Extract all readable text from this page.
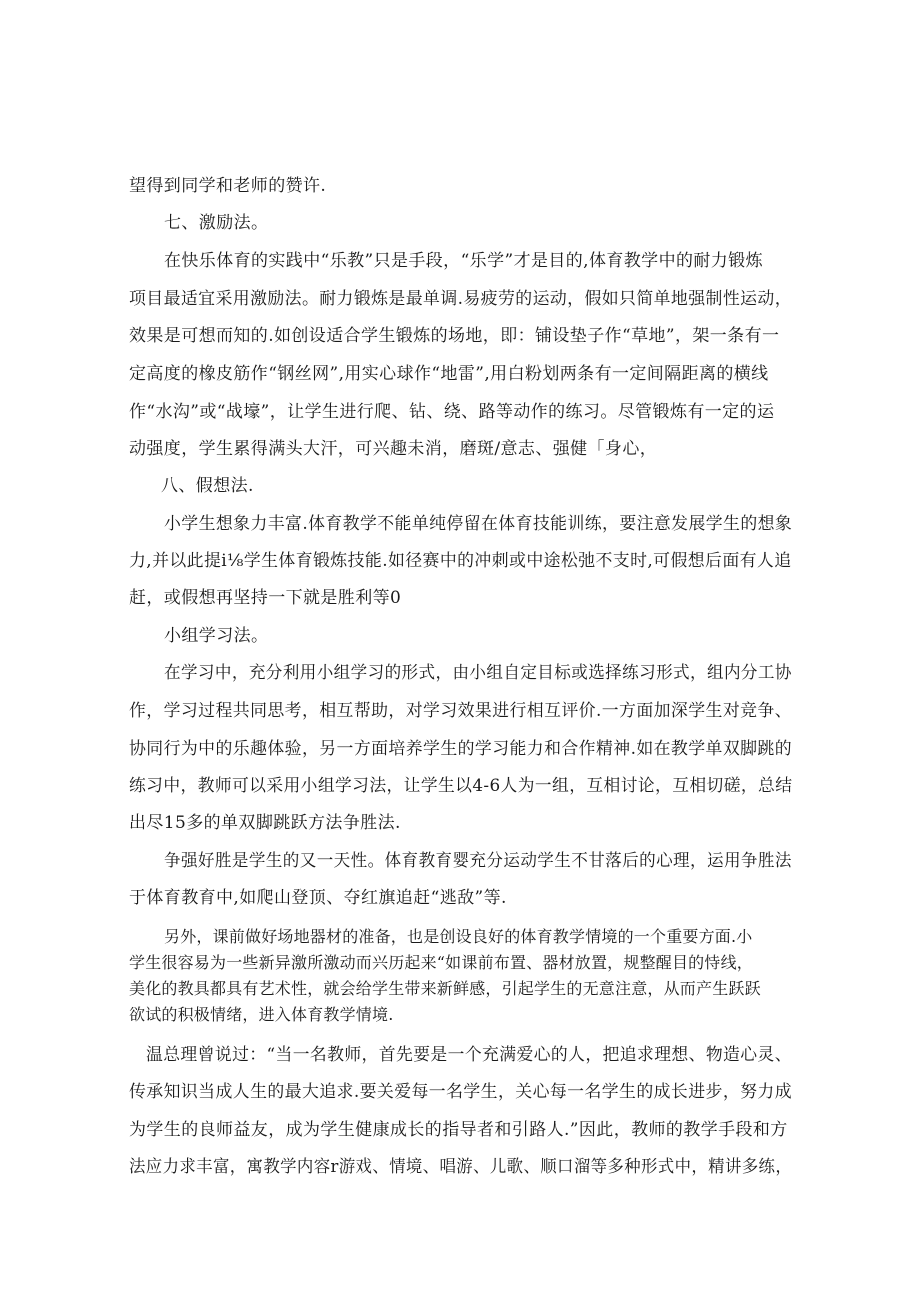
望得到同学和老师的赞许.
七、激励法。
在快乐体育的实践中“乐教”只是手段，“乐学”才是目的,体育教学中的耐力锻炼
项目最适宜采用激励法。耐力锻炼是最单调.易疲劳的运动，假如只简单地强制性运动，
效果是可想而知的.如创设适合学生锻炼的场地，即：铺设垫子作“草地”，架一条有一
定高度的橡皮筋作“钢丝网”,用实心球作“地雷”,用白粉划两条有一定间隔距离的横线
作“水沟”或“战壕”，让学生进行爬、钻、绕、路等动作的练习。尽管锻炼有一定的运
动强度，学生累得满头大汗，可兴趣未消，磨斑/意志、强健「身心，
八、假想法.
小学生想象力丰富.体育教学不能单纯停留在体育技能训练，要注意发展学生的想象
力,并以此提i⅛学生体育锻炼技能.如径赛中的冲刺或中途松弛不支时,可假想后面有人追
赶，或假想再坚持一下就是胜利等0
小组学习法。
在学习中，充分利用小组学习的形式，由小组自定目标或选择练习形式，组内分工协
作，学习过程共同思考，相互帮助，对学习效果进行相互评价.一方面加深学生对竞争、
协同行为中的乐趣体验，另一方面培养学生的学习能力和合作精神.如在教学单双脚跳的
练习中，教师可以采用小组学习法，让学生以4-6人为一组，互相讨论，互相切磋，总结
出尽15多的单双脚跳跃方法争胜法.
争强好胜是学生的又一天性。体育教育婴充分运动学生不甘落后的心理，运用争胜法
于体育教育中,如爬山登顶、夺红旗追赶“逃敌”等.
另外，课前做好场地器材的准备，也是创设良好的体育教学情境的一个重要方面.小
学生很容易为一些新异激所激动而兴历起来“如课前布置、器材放置，规整醒目的恃线，
美化的教具都具有艺术性，就会给学生带来新鲜感，引起学生的无意注意，从而产生跃跃
欲试的积极情绪，进入体育教学情境.
温总理曾说过：“当一名教师，首先要是一个充满爱心的人，把追求理想、物造心灵、
传承知识当成人生的最大追求.要关爱每一名学生，关心每一名学生的成长进步，努力成
为学生的良师益友，成为学生健康成长的指导者和引路人.”因此，教师的教学手段和方
法应力求丰富，寓教学内容r游戏、情境、唱游、儿歌、顺口溜等多种形式中，精讲多练，
